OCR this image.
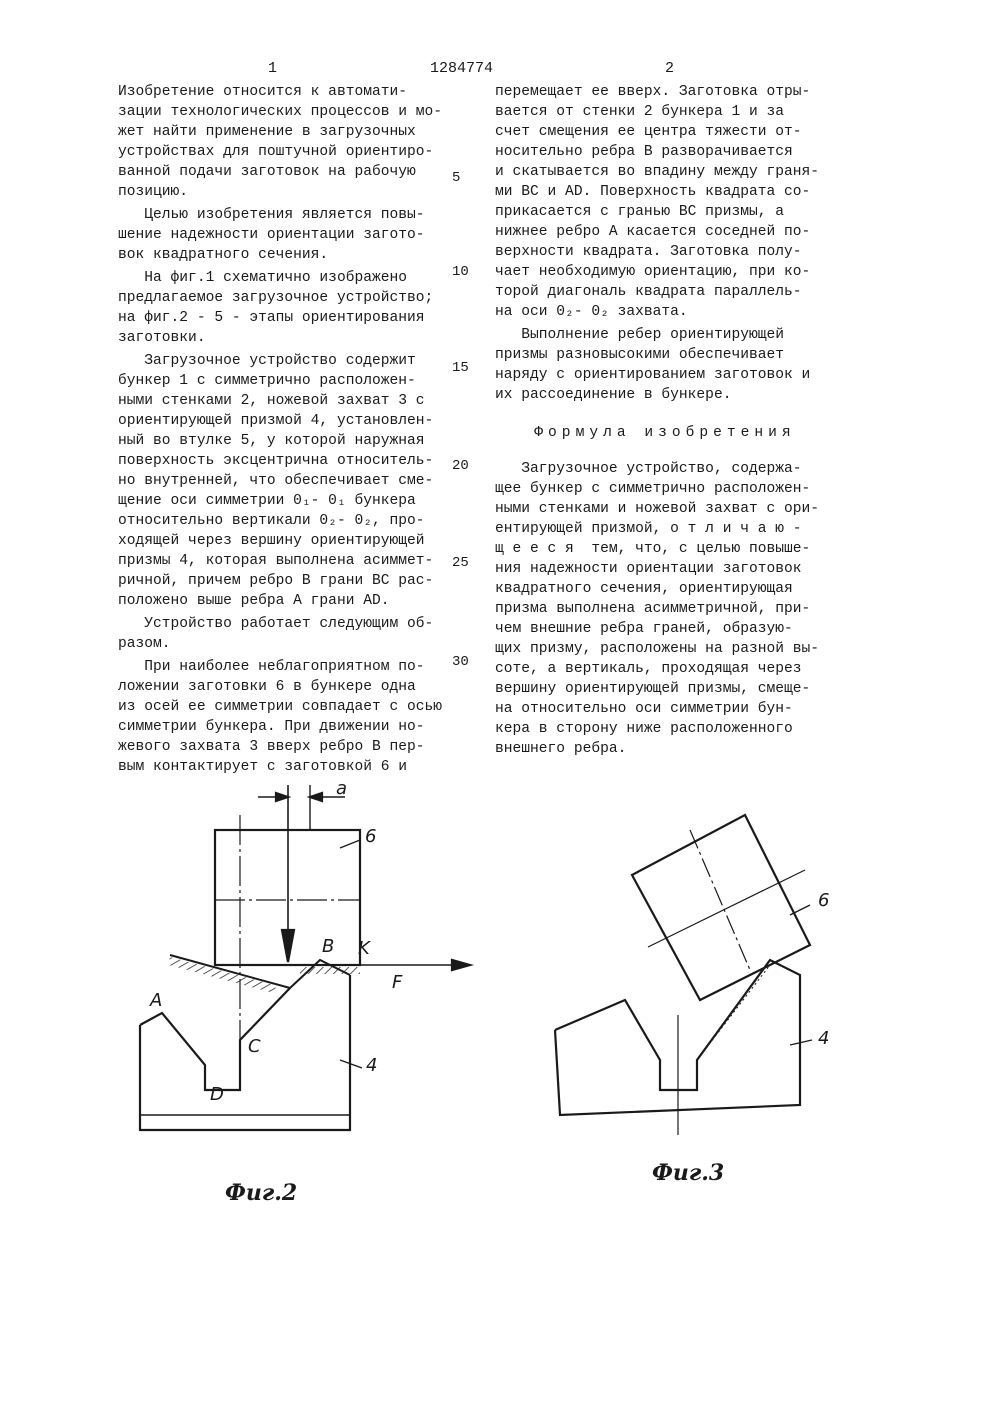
1	1284774	2
Изобретение относится к автомати-
зации технологических процессов и мо-
жет найти применение в загрузочных
устройствах для поштучной ориентиро-
ванной подачи заготовок на рабочую
позицию.
Целью изобретения является повы-
шение надежности ориентации загото-
вок квадратного сечения.
На фиг.1 схематично изображено
предлагаемое загрузочное устройство;
на фиг.2 - 5 - этапы ориентирования
заготовки.
Загрузочное устройство содержит
бункер 1 с симметрично расположен-
ными стенками 2, ножевой захват 3 с
ориентирующей призмой 4, установлен-
ный во втулке 5, у которой наружная
поверхность эксцентрична относитель-
но внутренней, что обеспечивает сме-
щение оси симметрии 0₁- 0₁ бункера
относительно вертикали 0₂- 0₂, про-
ходящей через вершину ориентирующей
призмы 4, которая выполнена асиммет-
ричной, причем ребро В грани ВС рас-
положено выше ребра А грани AD.
Устройство работает следующим об-
разом.
При наиболее неблагоприятном по-
ложении заготовки 6 в бункере одна
из осей ее симметрии совпадает с осью
симметрии бункера. При движении но-
жевого захвата 3 вверх ребро В пер-
вым контактирует с заготовкой 6 и
перемещает ее вверх. Заготовка отры-
вается от стенки 2 бункера 1 и за
счет смещения ее центра тяжести от-
носительно ребра В разворачивается
и скатывается во впадину между граня-
ми ВС и AD. Поверхность квадрата со-
прикасается с гранью ВС призмы, а
нижнее ребро А касается соседней по-
верхности квадрата. Заготовка полу-
чает необходимую ориентацию, при ко-
торой диагональ квадрата параллель-
на оси 0₂- 0₂ захвата.
Выполнение ребер ориентирующей
призмы разновысокими обеспечивает
наряду с ориентированием заготовок и
их рассоединение в бункере.
Формула изобретения
Загрузочное устройство, содержа-
щее бункер с симметрично расположен-
ными стенками и ножевой захват с ори-
ентирующей призмой, о т л и ч а ю -
щ е е с я  тем, что, с целью повыше-
ния надежности ориентации заготовок
квадратного сечения, ориентирующая
призма выполнена асимметричной, при-
чем внешние ребра граней, образую-
щих призму, расположены на разной вы-
соте, а вертикаль, проходящая через
вершину ориентирующей призмы, смеще-
на относительно оси симметрии бун-
кера в сторону ниже расположенного
внешнего ребра.
5
10
15
20
25
30
a
6
B K
F
A
C
D
4
Фиг.2
6
4
Фиг.3
